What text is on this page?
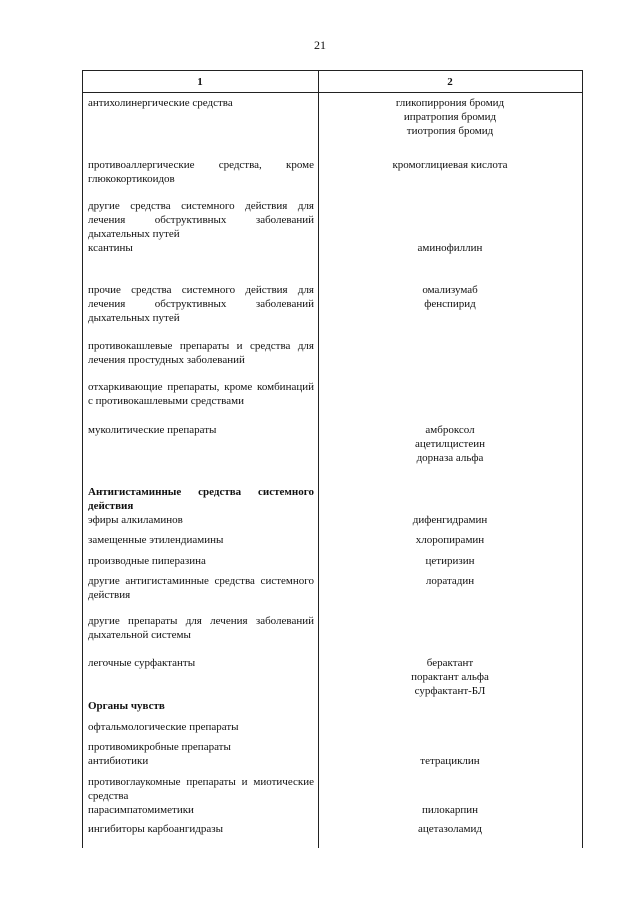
21
1	2
антихолинергические средства
противоаллергические средства, кроме глюкокортикоидов
другие средства системного действия для лечения обструктивных заболеваний дыхательных путей
ксантины
прочие средства системного действия для лечения обструктивных заболеваний дыхательных путей
противокашлевые препараты и средства для лечения простудных заболеваний
отхаркивающие препараты, кроме комбинаций с противокашлевыми средствами
муколитические препараты
Антигистаминные средства системного действия
эфиры алкиламинов
замещенные этилендиамины
производные пиперазина
другие антигистаминные средства системного действия
другие препараты для лечения заболеваний дыхательной системы
легочные сурфактанты
Органы чувств
офтальмологические препараты
противомикробные препараты
антибиотики
противоглаукомные препараты и миотические средства
парасимпатомиметики
ингибиторы карбоангидразы
гликопиррония бромид
ипратропия бромид
тиотропия бромид
кромоглициевая кислота
аминофиллин
омализумаб
фенспирид
амброксол
ацетилцистеин
дорназа альфа
дифенгидрамин
хлоропирамин
цетиризин
лоратадин
берактант
порактант альфа
сурфактант-БЛ
тетрациклин
пилокарпин
ацетазоламид
